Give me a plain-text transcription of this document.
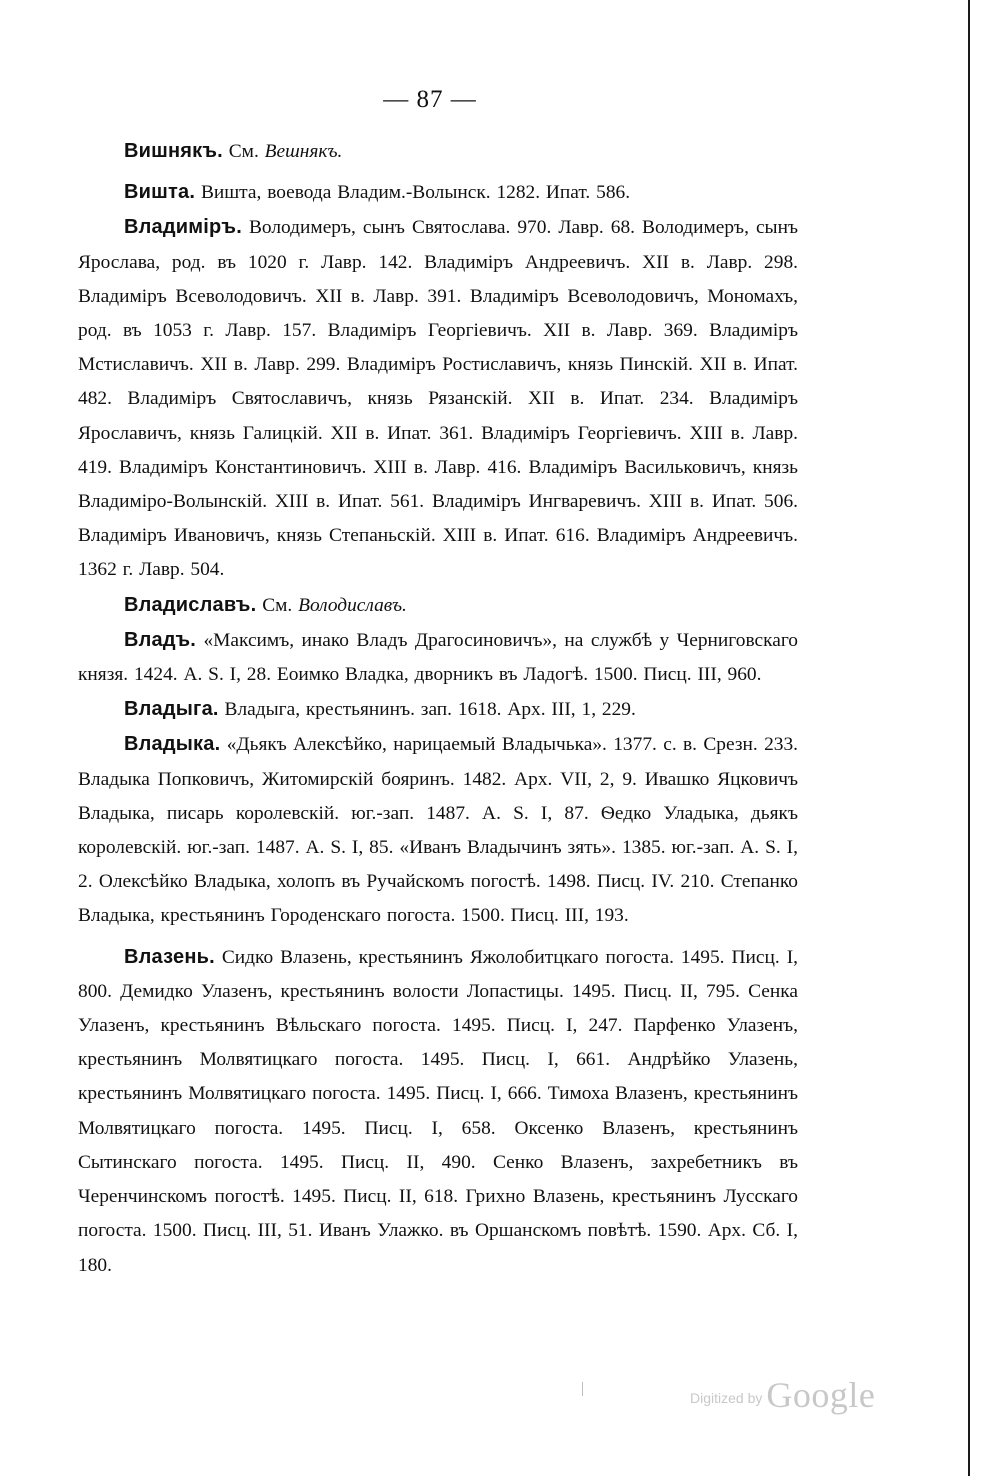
— 87 —

Вишнякъ. См. Вешнякъ.

Вишта. Вишта, воевода Владим.-Волынск. 1282. Ипат. 586.

Владиміръ. Володимеръ, сынъ Святослава. 970. Лавр. 68. Володимеръ, сынъ Ярослава, род. въ 1020 г. Лавр. 142. Владиміръ Андреевичъ. XII в. Лавр. 298. Владиміръ Всеволодовичъ. XII в. Лавр. 391. Владиміръ Всеволодовичъ, Мономахъ, род. въ 1053 г. Лавр. 157. Владиміръ Георгіевичъ. XII в. Лавр. 369. Владиміръ Мстиславичъ. XII в. Лавр. 299. Владиміръ Ростиславичъ, князь Пинскій. XII в. Ипат. 482. Владиміръ Святославичъ, князь Рязанскій. XII в. Ипат. 234. Владиміръ Ярославичъ, князь Галицкій. XII в. Ипат. 361. Владиміръ Георгіевичъ. XIII в. Лавр. 419. Владиміръ Константиновичъ. XIII в. Лавр. 416. Владиміръ Васильковичъ, князь Владиміро-Волынскій. XIII в. Ипат. 561. Владиміръ Ингваревичъ. XIII в. Ипат. 506. Владиміръ Ивановичъ, князь Степаньскій. XIII в. Ипат. 616. Владиміръ Андреевичъ. 1362 г. Лавр. 504.

Владиславъ. См. Володиславъ.

Владъ. «Максимъ, инако Владъ Драгосиновичъ», на службѣ у Черниговскаго князя. 1424. A. S. I, 28. Еоимко Владка, дворникъ въ Ладогѣ. 1500. Писц. III, 960.

Владыга. Владыга, крестьянинъ. зап. 1618. Арх. III, 1, 229.

Владыка. «Дьякъ Алексѣйко, нарицаемый Владычька». 1377. с. в. Срезн. 233. Владыка Попковичъ, Житомирскій бояринъ. 1482. Арх. VII, 2, 9. Ивашко Яцковичъ Владыка, писарь королевскій. юг.-зап. 1487. A. S. I, 87. Ѳедко Уладыка, дьякъ королевскій. юг.-зап. 1487. A. S. I, 85. «Иванъ Владычинъ зять». 1385. юг.-зап. A. S. I, 2. Олексѣйко Владыка, холопъ въ Ручайскомъ погостѣ. 1498. Писц. IV. 210. Степанко Владыка, крестьянинъ Городенскаго погоста. 1500. Писц. III, 193.

Влазень. Сидко Влазень, крестьянинъ Яжолобитцкаго погоста. 1495. Писц. I, 800. Демидко Улазенъ, крестьянинъ волости Лопастицы. 1495. Писц. II, 795. Сенка Улазенъ, крестьянинъ Вѣльскаго погоста. 1495. Писц. I, 247. Парфенко Улазенъ, крестьянинъ Молвятицкаго погоста. 1495. Писц. I, 661. Андрѣйко Улазень, крестьянинъ Молвятицкаго погоста. 1495. Писц. I, 666. Тимоха Влазенъ, крестьянинъ Молвятицкаго погоста. 1495. Писц. I, 658. Оксенко Влазенъ, крестьянинъ Сытинскаго погоста. 1495. Писц. II, 490. Сенко Влазенъ, захребетникъ въ Черенчинскомъ погостѣ. 1495. Писц. II, 618. Грихно Влазень, крестьянинъ Лусскаго погоста. 1500. Писц. III, 51. Иванъ Улажко. въ Оршанскомъ повѣтѣ. 1590. Арх. Сб. I, 180.

Digitized by Google
